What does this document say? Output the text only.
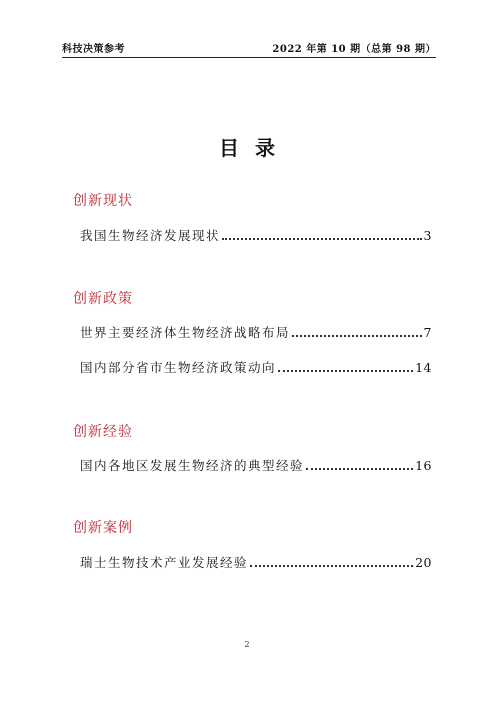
科技决策参考	2022 年第 10 期（总第 98 期）
目录
创新现状
我国生物经济发展现状	3
创新政策
世界主要经济体生物经济战略布局	7
国内部分省市生物经济政策动向	14
创新经验
国内各地区发展生物经济的典型经验	16
创新案例
瑞士生物技术产业发展经验	20
2
